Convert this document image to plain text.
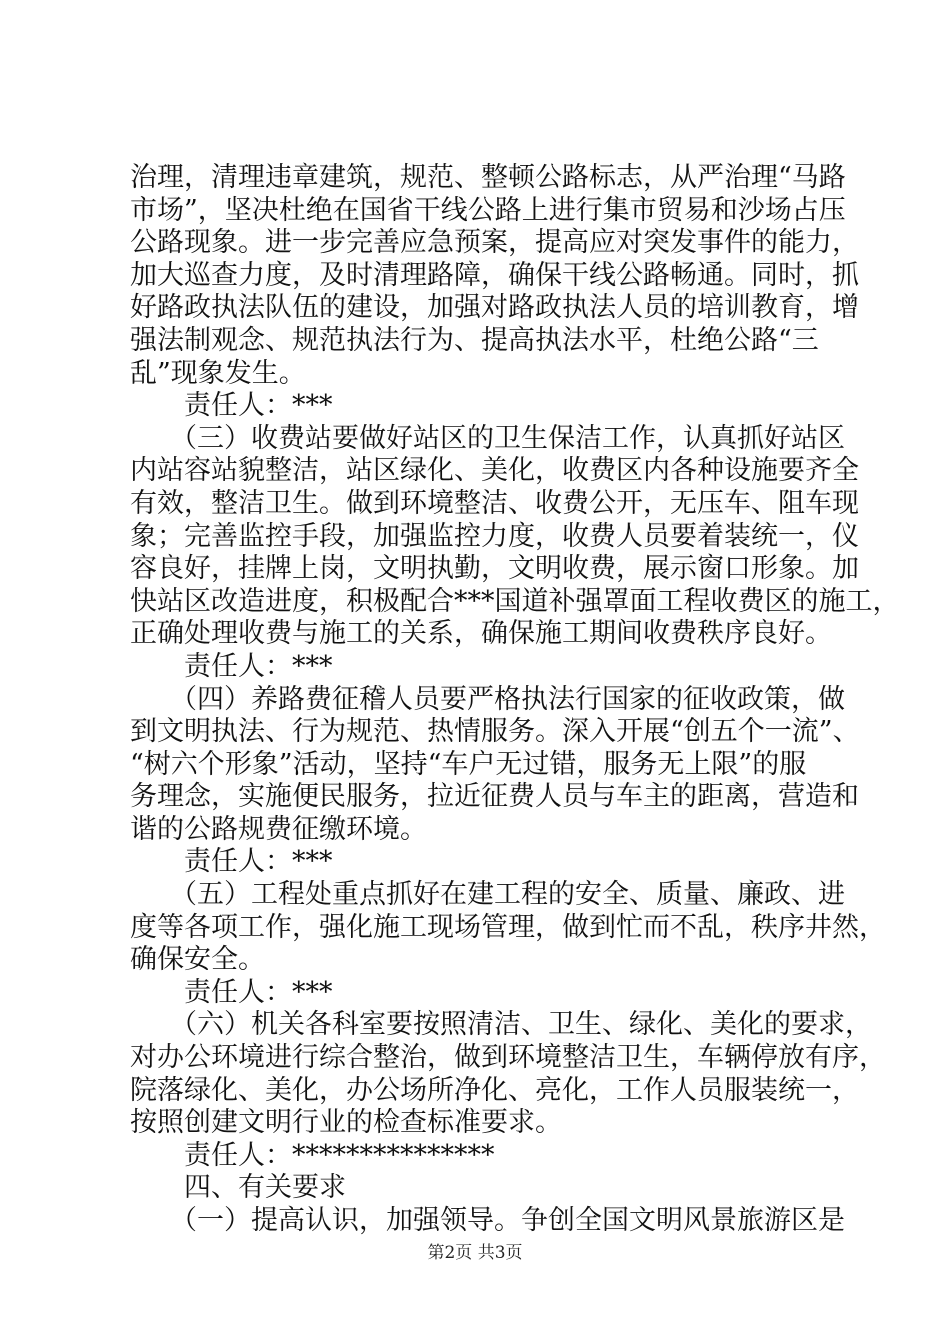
治理，清理违章建筑，规范、整顿公路标志，从严治理“马路
市场”，坚决杜绝在国省干线公路上进行集市贸易和沙场占压
公路现象。进一步完善应急预案，提高应对突发事件的能力，
加大巡查力度，及时清理路障，确保干线公路畅通。同时，抓
好路政执法队伍的建设，加强对路政执法人员的培训教育，增
强法制观念、规范执法行为、提高执法水平，杜绝公路“三
乱”现象发生。
责任人：***
（三）收费站要做好站区的卫生保洁工作，认真抓好站区
内站容站貌整洁，站区绿化、美化，收费区内各种设施要齐全
有效，整洁卫生。做到环境整洁、收费公开，无压车、阻车现
象；完善监控手段，加强监控力度，收费人员要着装统一，仪
容良好，挂牌上岗，文明执勤，文明收费，展示窗口形象。加
快站区改造进度，积极配合***国道补强罩面工程收费区的施工，
正确处理收费与施工的关系，确保施工期间收费秩序良好。
责任人：***
（四）养路费征稽人员要严格执法行国家的征收政策，做
到文明执法、行为规范、热情服务。深入开展“创五个一流”、
“树六个形象”活动，坚持“车户无过错，服务无上限”的服
务理念，实施便民服务，拉近征费人员与车主的距离，营造和
谐的公路规费征缴环境。
责任人：***
（五）工程处重点抓好在建工程的安全、质量、廉政、进
度等各项工作，强化施工现场管理，做到忙而不乱，秩序井然，
确保安全。
责任人：***
（六）机关各科室要按照清洁、卫生、绿化、美化的要求，
对办公环境进行综合整治，做到环境整洁卫生，车辆停放有序，
院落绿化、美化，办公场所净化、亮化，工作人员服装统一，
按照创建文明行业的检查标准要求。
责任人：***************
四、有关要求
（一）提高认识，加强领导。争创全国文明风景旅游区是
第2页 共3页
